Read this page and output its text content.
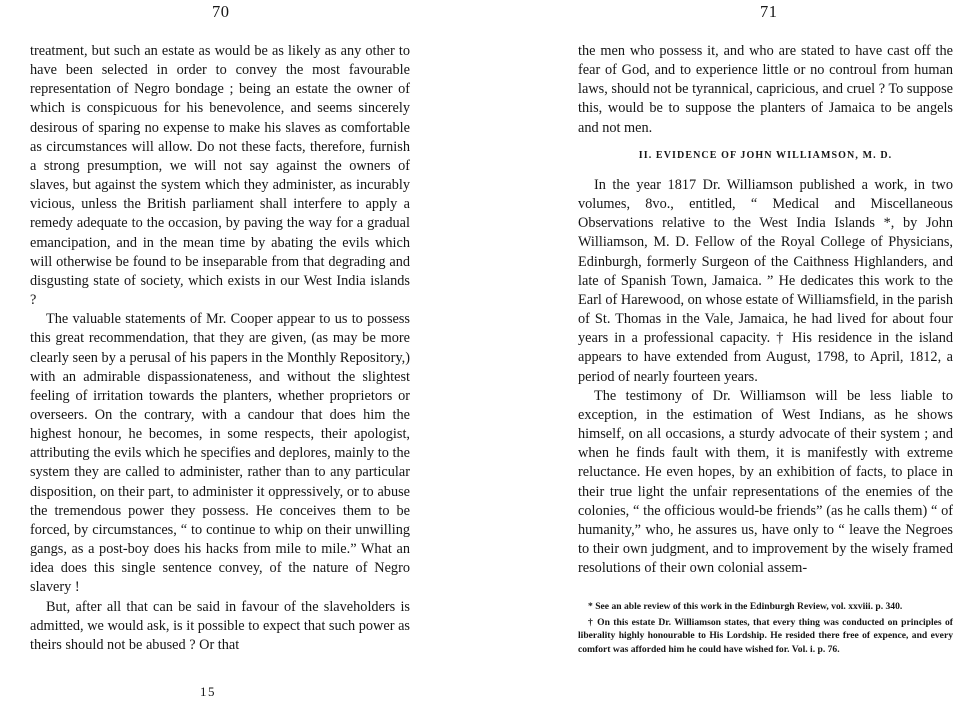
70

treatment, but such an estate as would be as likely as any other to have been selected in order to convey the most favourable representation of Negro bondage ; being an estate the owner of which is conspicuous for his benevolence, and seems sincerely desirous of sparing no expense to make his slaves as comfortable as circumstances will allow. Do not these facts, therefore, furnish a strong presumption, we will not say against the owners of slaves, but against the system which they administer, as incurably vicious, unless the British parliament shall interfere to apply a remedy adequate to the occasion, by paving the way for a gradual emancipation, and in the mean time by abating the evils which will otherwise be found to be inseparable from that degrading and disgusting state of society, which exists in our West India islands ?

The valuable statements of Mr. Cooper appear to us to possess this great recommendation, that they are given, (as may be more clearly seen by a perusal of his papers in the Monthly Repository,) with an admirable dispassionateness, and without the slightest feeling of irritation towards the planters, whether proprietors or overseers. On the contrary, with a candour that does him the highest honour, he becomes, in some respects, their apologist, attributing the evils which he specifies and deplores, mainly to the system they are called to administer, rather than to any particular disposition, on their part, to administer it oppressively, or to abuse the tremendous power they possess. He conceives them to be forced, by circumstances, “ to continue to whip on their unwilling gangs, as a post-boy does his hacks from mile to mile.” What an idea does this single sentence convey, of the nature of Negro slavery !

But, after all that can be said in favour of the slaveholders is admitted, we would ask, is it possible to expect that such power as theirs should not be abused ? Or that

15
71

the men who possess it, and who are stated to have cast off the fear of God, and to experience little or no controul from human laws, should not be tyrannical, capricious, and cruel ? To suppose this, would be to suppose the planters of Jamaica to be angels and not men.

II. EVIDENCE OF JOHN WILLIAMSON, M. D.

In the year 1817 Dr. Williamson published a work, in two volumes, 8vo., entitled, “ Medical and Miscellaneous Observations relative to the West India Islands *, by John Williamson, M. D. Fellow of the Royal College of Physicians, Edinburgh, formerly Surgeon of the Caithness Highlanders, and late of Spanish Town, Jamaica. ” He dedicates this work to the Earl of Harewood, on whose estate of Williamsfield, in the parish of St. Thomas in the Vale, Jamaica, he had lived for about four years in a professional capacity. † His residence in the island appears to have extended from August, 1798, to April, 1812, a period of nearly fourteen years.

The testimony of Dr. Williamson will be less liable to exception, in the estimation of West Indians, as he shows himself, on all occasions, a sturdy advocate of their system ; and when he finds fault with them, it is manifestly with extreme reluctance. He even hopes, by an exhibition of facts, to place in their true light the unfair representations of the enemies of the colonies, “ the officious would-be friends” (as he calls them) “ of humanity,” who, he assures us, have only to “ leave the Negroes to their own judgment, and to improvement by the wisely framed resolutions of their own colonial assem-

* See an able review of this work in the Edinburgh Review, vol. xxviii. p. 340.

† On this estate Dr. Williamson states, that every thing was conducted on principles of liberality highly honourable to His Lordship. He resided there free of expence, and every comfort was afforded him he could have wished for. Vol. i. p. 76.
